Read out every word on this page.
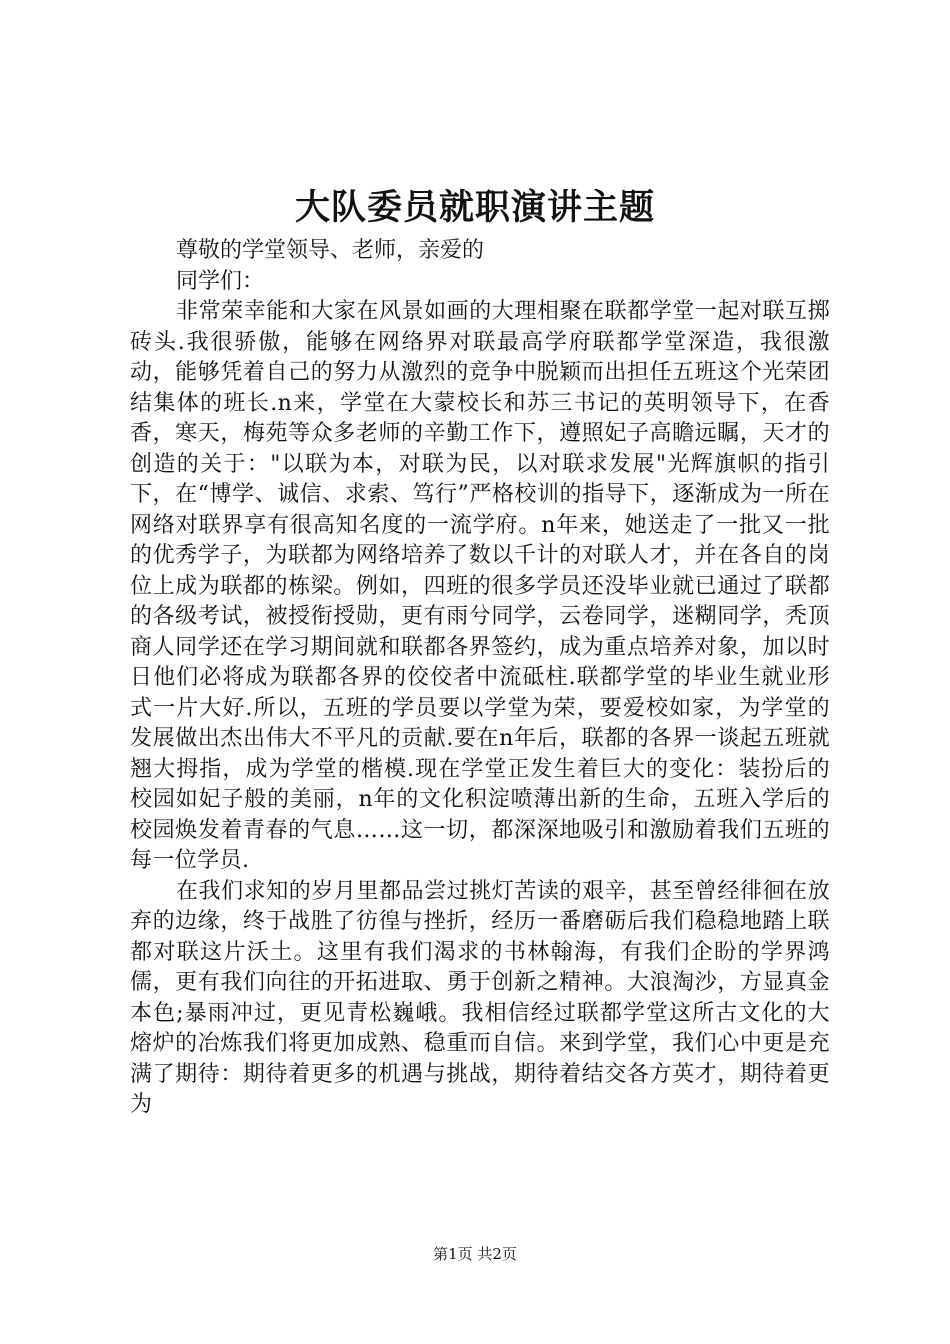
大队委员就职演讲主题

尊敬的学堂领导、老师，亲爱的

同学们：

非常荣幸能和大家在风景如画的大理相聚在联都学堂一起对联互掷砖头.我很骄傲，能够在网络界对联最高学府联都学堂深造，我很激动，能够凭着自己的努力从激烈的竞争中脱颖而出担任五班这个光荣团结集体的班长.n来，学堂在大蒙校长和苏三书记的英明领导下，在香香，寒天，梅苑等众多老师的辛勤工作下，遵照妃子高瞻远瞩，天才的创造的关于："以联为本，对联为民，以对联求发展"光辉旗帜的指引下，在“博学、诚信、求索、笃行”严格校训的指导下，逐渐成为一所在网络对联界享有很高知名度的一流学府。n年来，她送走了一批又一批的优秀学子，为联都为网络培养了数以千计的对联人才，并在各自的岗位上成为联都的栋梁。例如，四班的很多学员还没毕业就已通过了联都的各级考试，被授衔授勋，更有雨兮同学，云卷同学，迷糊同学，秃顶商人同学还在学习期间就和联都各界签约，成为重点培养对象，加以时日他们必将成为联都各界的佼佼者中流砥柱.联都学堂的毕业生就业形式一片大好.所以，五班的学员要以学堂为荣，要爱校如家，为学堂的发展做出杰出伟大不平凡的贡献.要在n年后，联都的各界一谈起五班就翘大拇指，成为学堂的楷模.现在学堂正发生着巨大的变化：装扮后的校园如妃子般的美丽，n年的文化积淀喷薄出新的生命，五班入学后的校园焕发着青春的气息……这一切，都深深地吸引和激励着我们五班的每一位学员.

在我们求知的岁月里都品尝过挑灯苦读的艰辛，甚至曾经徘徊在放弃的边缘，终于战胜了彷徨与挫折，经历一番磨砺后我们稳稳地踏上联都对联这片沃土。这里有我们渴求的书林翰海，有我们企盼的学界鸿儒，更有我们向往的开拓进取、勇于创新之精神。大浪淘沙，方显真金本色;暴雨冲过，更见青松巍峨。我相信经过联都学堂这所古文化的大熔炉的冶炼我们将更加成熟、稳重而自信。来到学堂，我们心中更是充满了期待：期待着更多的机遇与挑战，期待着结交各方英才，期待着更为

第1页 共2页
